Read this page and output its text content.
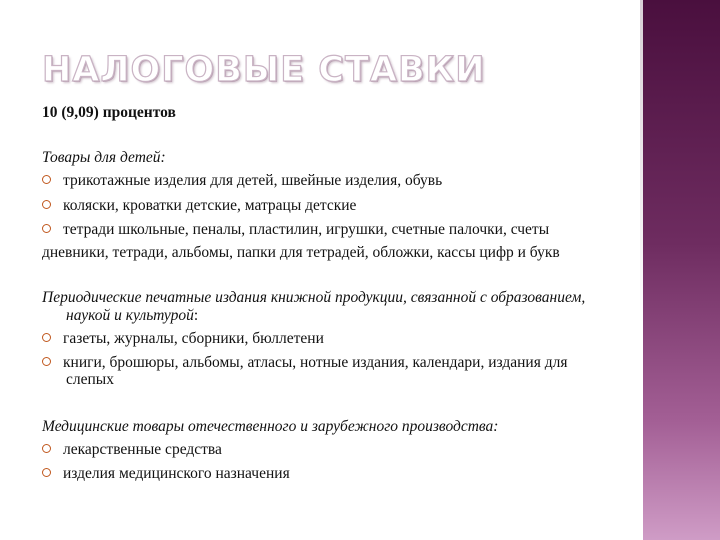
НАЛОГОВЫЕ СТАВКИ
10 (9,09) процентов
Товары для детей:
трикотажные изделия для детей, швейные изделия, обувь
коляски, кроватки детские, матрацы детские
тетради школьные, пеналы, пластилин, игрушки, счетные палочки, счеты
дневники, тетради, альбомы, папки для тетрадей, обложки, кассы цифр и букв
Периодические печатные издания книжной продукции, связанной с образованием,
наукой и культурой:
газеты, журналы, сборники, бюллетени
книги, брошюры, альбомы, атласы, нотные издания, календари, издания для
слепых
Медицинские товары отечественного и зарубежного производства:
лекарственные средства
изделия медицинского назначения
